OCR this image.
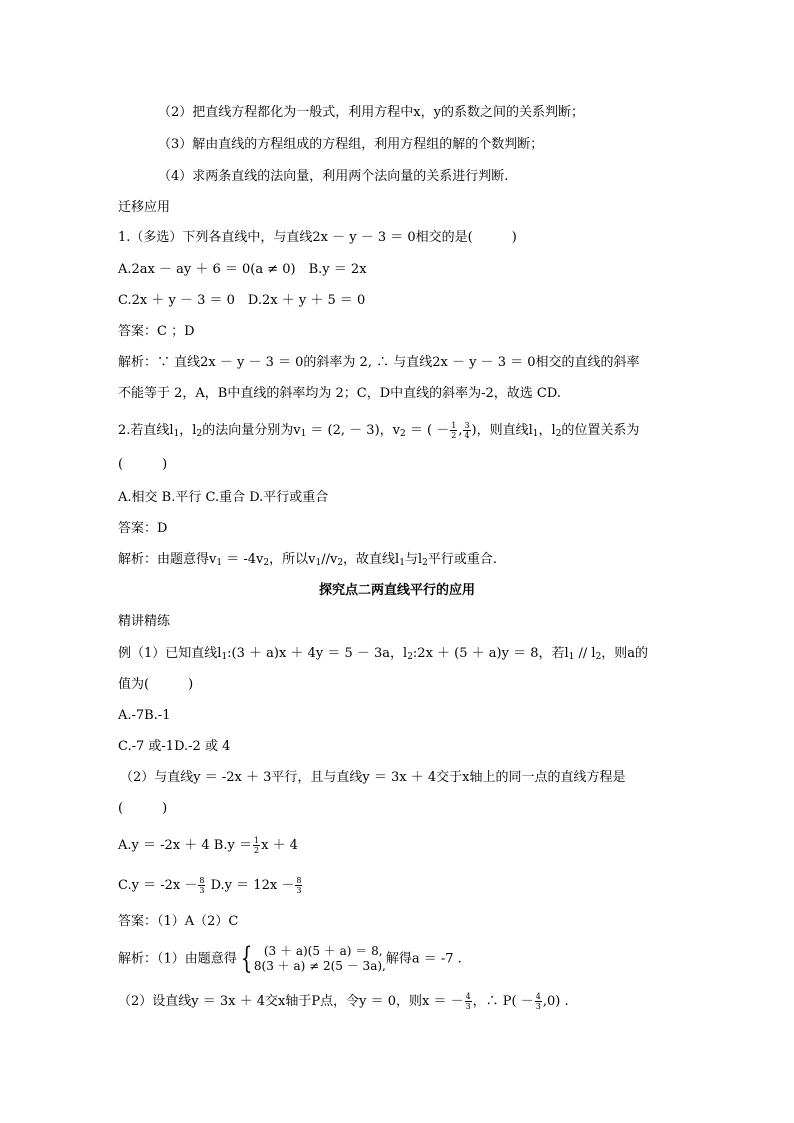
（2）把直线方程都化为一般式，利用方程中x，y的系数之间的关系判断；
（3）解由直线的方程组成的方程组，利用方程组的解的个数判断；
（4）求两条直线的法向量，利用两个法向量的关系进行判断.
迁移应用
1.（多选）下列各直线中，与直线2x － y － 3 ＝ 0相交的是(　　　)
A.2ax － ay ＋ 6 ＝ 0(a ≠ 0)　B.y ＝ 2x
C.2x ＋ y － 3 ＝ 0　D.2x ＋ y ＋ 5 ＝ 0
答案：C ；D
解析：∵ 直线2x － y － 3 ＝ 0的斜率为 2, ∴ 与直线2x － y － 3 ＝ 0相交的直线的斜率
不能等于 2，A，B中直线的斜率均为 2；C，D中直线的斜率为-2，故选 CD.
2.若直线$l_1$，$l_2$的法向量分别为$v_1 = (2$, － 3)，$v_2$ ＝ ( － $\frac{1}{2}$ , $\frac{3}{4}$ )，则直线$l_1$，$l_2$的位置关系为
(　　　)
A.相交 B.平行 C.重合 D.平行或重合
答案：D
解析：由题意得$v_1 = -4v_2$，所以$v_1//v_2$，故直线$l_1$与$l_2$平行或重合.
探究点二两直线平行的应用
精讲精练
例（1）已知直线$l_1:(3 + a)x + 4y = 5 - 3a$，$l_2:2x + (5 + a)y = 8$，若$l_1 // l_2$，则a的
值为(　　　)
A.-7B.-1
C.-7 或-1D.-2 或 4
（2）与直线y ＝ -2x ＋ 3平行，且与直线y ＝ 3x ＋ 4交于x轴上的同一点的直线方程是
(　　　)
A.y ＝ -2x ＋ 4 $B.y = \frac{1}{2}$ x ＋ 4
$C.y = -2x - \frac{8}{3} D.y = 12x - \frac{8}{3}$
答案：（1）A（2）C
解析：（1）由题意得 { (3 ＋ a)(5 ＋ a) ＝ 8,
8(3 ＋ a) ≠ 2(5 － 3a), 解得a ＝ -7 .
（2）设直线y ＝ 3x ＋ 4交x轴于P点，令y ＝ 0，则x ＝ － $\frac{4}{3}$ ，∴ $P( - \frac{4}{3} ,0)$ .
